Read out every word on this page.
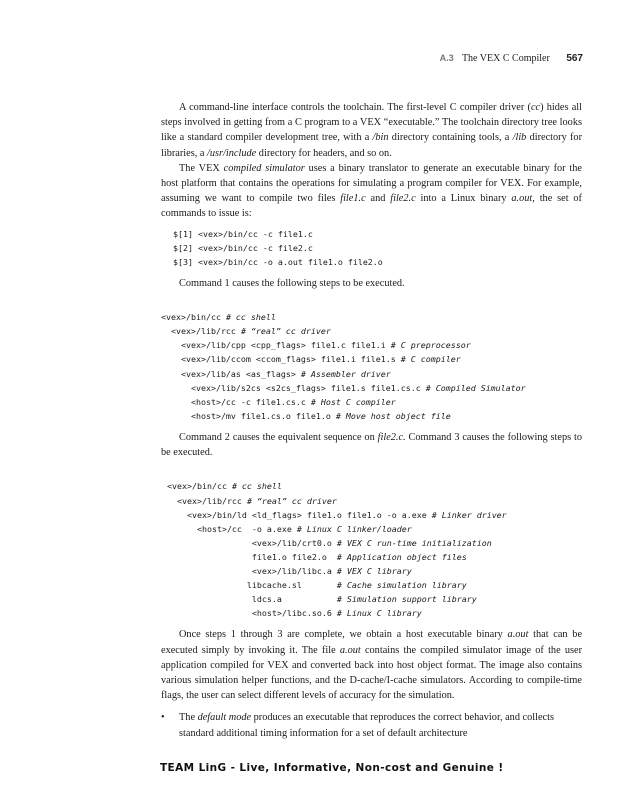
A.3 The VEX C Compiler 567

A command-line interface controls the toolchain. The first-level C compiler driver (cc) hides all steps involved in getting from a C program to a VEX “executable.” The toolchain directory tree looks like a standard compiler development tree, with a /bin directory containing tools, a /lib directory for libraries, a /usr/include directory for headers, and so on.

The VEX compiled simulator uses a binary translator to generate an executable binary for the host platform that contains the operations for simulating a program compiler for VEX. For example, assuming we want to compile two files file1.c and file2.c into a Linux binary a.out, the set of commands to issue is:

$[1] <vex>/bin/cc -c file1.c
$[2] <vex>/bin/cc -c file2.c
$[3] <vex>/bin/cc -o a.out file1.o file2.o

Command 1 causes the following steps to be executed.

<vex>/bin/cc # cc shell
<vex>/lib/rcc # “real” cc driver
<vex>/lib/cpp <cpp_flags> file1.c file1.i # C preprocessor
<vex>/lib/ccom <ccom_flags> file1.i file1.s # C compiler
<vex>/lib/as <as_flags> # Assembler driver
<vex>/lib/s2cs <s2cs_flags> file1.s file1.cs.c # Compiled Simulator
<host>/cc -c file1.cs.c # Host C compiler
<host>/mv file1.cs.o file1.o # Move host object file

Command 2 causes the equivalent sequence on file2.c. Command 3 causes the following steps to be executed.

<vex>/bin/cc # cc shell
<vex>/lib/rcc # “real” cc driver
<vex>/bin/ld <ld_flags> file1.o file1.o -o a.exe # Linker driver
<host>/cc  -o a.exe # Linux C linker/loader
<vex>/lib/crt0.o # VEX C run-time initialization
file1.o file2.o  # Application object files
<vex>/lib/libc.a # VEX C library
libcache.sl       # Cache simulation library
ldcs.a           # Simulation support library
<host>/libc.so.6 # Linux C library

Once steps 1 through 3 are complete, we obtain a host executable binary a.out that can be executed simply by invoking it. The file a.out contains the compiled simulator image of the user application compiled for VEX and converted back into host object format. The image also contains various simulation helper functions, and the D-cache/I-cache simulators. According to compile-time flags, the user can select different levels of accuracy for the simulation.

• The default mode produces an executable that reproduces the correct behavior, and collects standard additional timing information for a set of default architecture
TEAM LinG - Live, Informative, Non-cost and Genuine !
